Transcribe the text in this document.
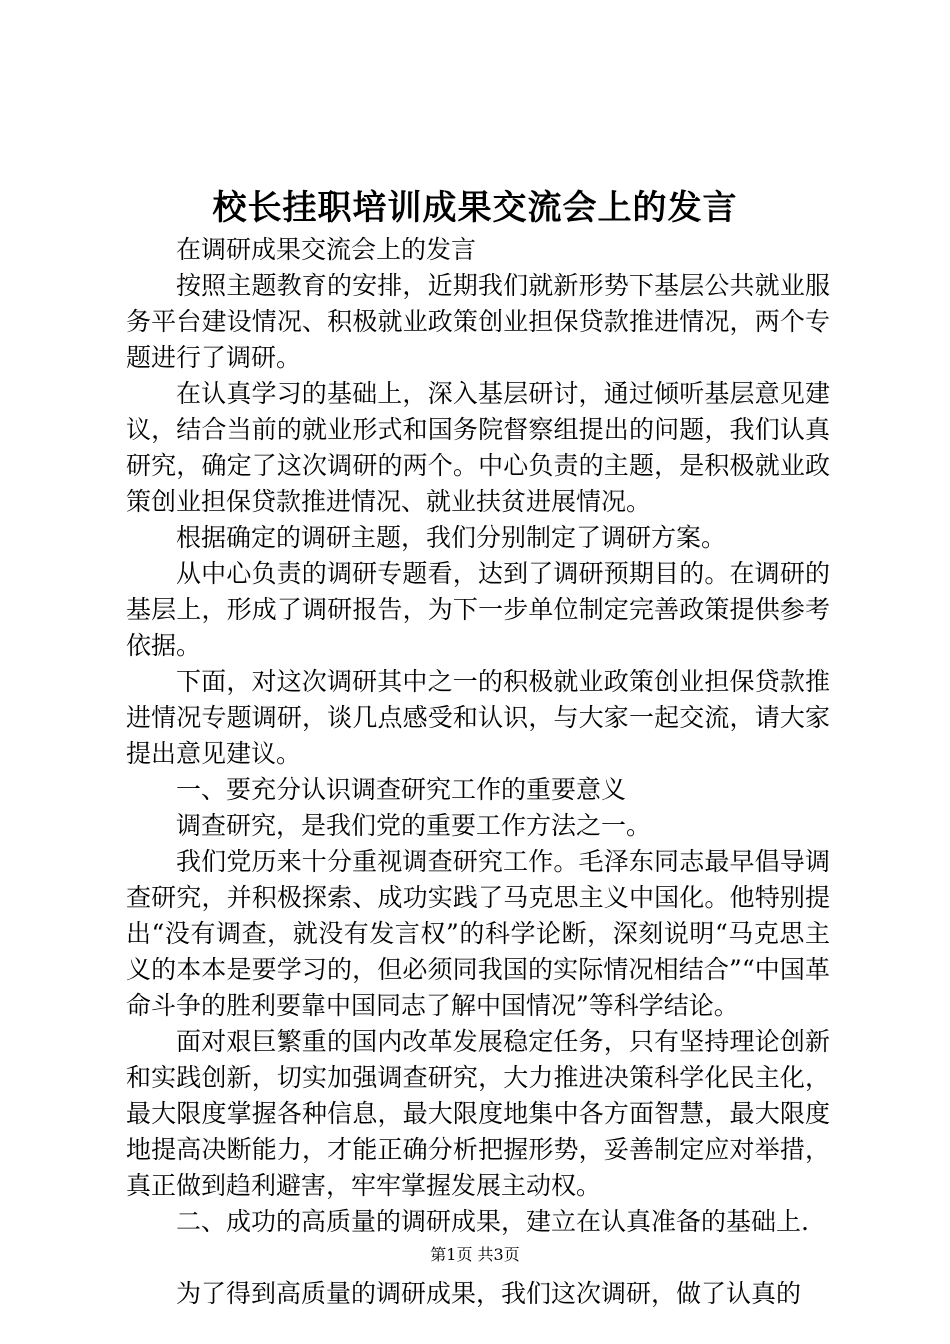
校长挂职培训成果交流会上的发言

在调研成果交流会上的发言

按照主题教育的安排，近期我们就新形势下基层公共就业服务平台建设情况、积极就业政策创业担保贷款推进情况，两个专题进行了调研。

在认真学习的基础上，深入基层研讨，通过倾听基层意见建议，结合当前的就业形式和国务院督察组提出的问题，我们认真研究，确定了这次调研的两个。中心负责的主题，是积极就业政策创业担保贷款推进情况、就业扶贫进展情况。

根据确定的调研主题，我们分别制定了调研方案。

从中心负责的调研专题看，达到了调研预期目的。在调研的基层上，形成了调研报告，为下一步单位制定完善政策提供参考依据。

下面，对这次调研其中之一的积极就业政策创业担保贷款推进情况专题调研，谈几点感受和认识，与大家一起交流，请大家提出意见建议。

一、要充分认识调查研究工作的重要意义

调查研究，是我们党的重要工作方法之一。

我们党历来十分重视调查研究工作。毛泽东同志最早倡导调查研究，并积极探索、成功实践了马克思主义中国化。他特别提出“没有调查，就没有发言权”的科学论断，深刻说明“马克思主义的本本是要学习的，但必须同我国的实际情况相结合”“中国革命斗争的胜利要靠中国同志了解中国情况”等科学结论。

面对艰巨繁重的国内改革发展稳定任务，只有坚持理论创新和实践创新，切实加强调查研究，大力推进决策科学化民主化，最大限度掌握各种信息，最大限度地集中各方面智慧，最大限度地提高决断能力，才能正确分析把握形势，妥善制定应对举措，真正做到趋利避害，牢牢掌握发展主动权。

二、成功的高质量的调研成果，建立在认真准备的基础上.

为了得到高质量的调研成果，我们这次调研，做了认真的

第1页 共3页
